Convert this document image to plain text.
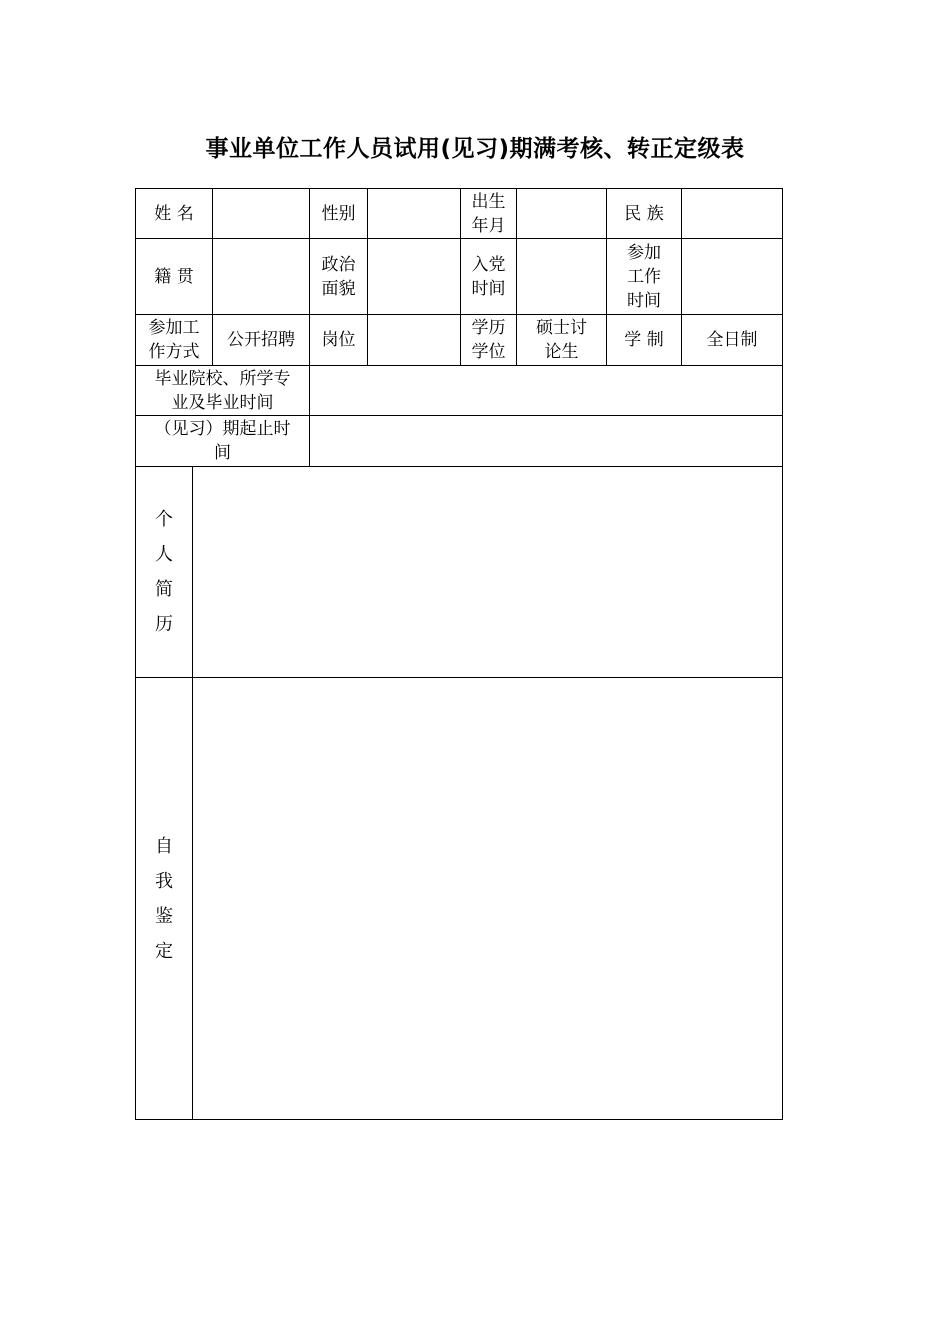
事业单位工作人员试用(见习)期满考核、转正定级表
姓 名	性别
出生
年月
民 族
籍 贯
政治
面貌
入党
时间
参加
工作
时间
参加工
作方式
公开招聘 岗位
学历
学位
硕士讨
论生
学 制	全日制
毕业院校、所学专
业及毕业时间
（见习）期起止时
间
个
人
简
历
自
我
鉴
定
